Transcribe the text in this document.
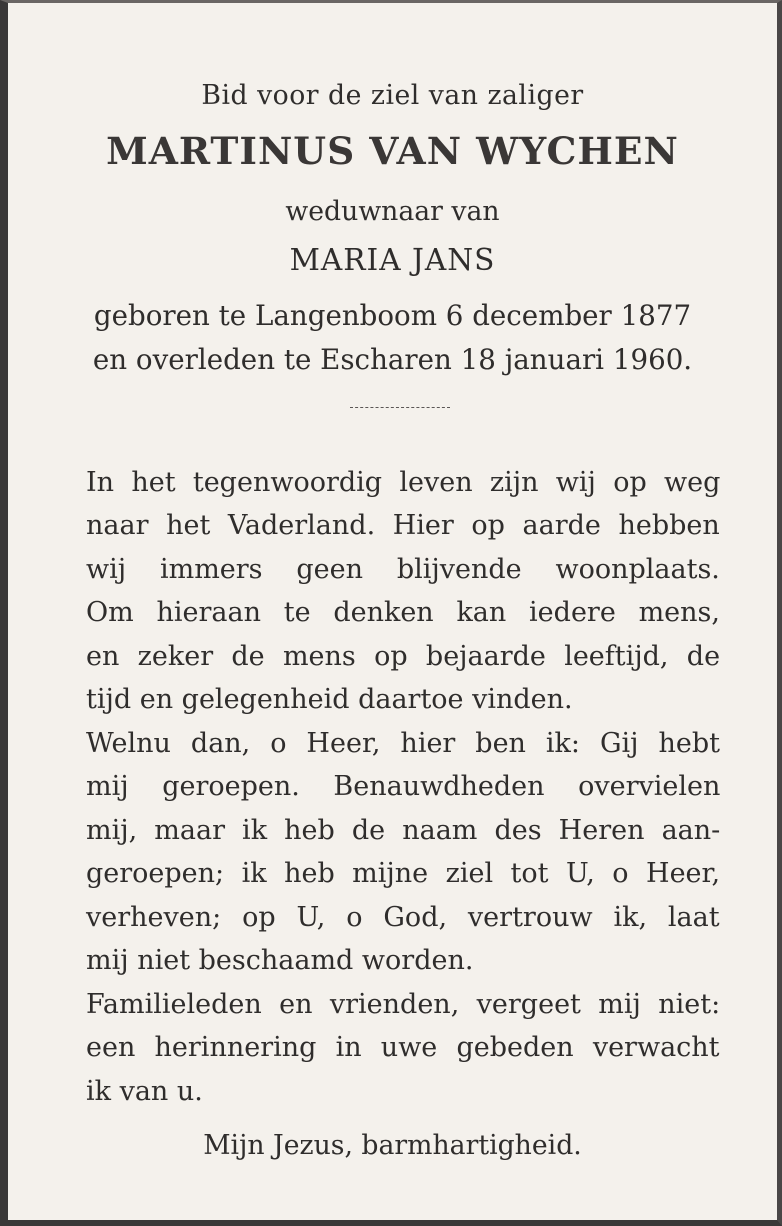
Bid voor de ziel van zaliger
MARTINUS VAN WYCHEN
weduwnaar van
MARIA JANS
geboren te Langenboom 6 december 1877
en overleden te Escharen 18 januari 1960.
In het tegenwoordig leven zijn wij op weg
naar het Vaderland. Hier op aarde hebben
wij immers geen blijvende woonplaats.
Om hieraan te denken kan iedere mens,
en zeker de mens op bejaarde leeftijd, de
tijd en gelegenheid daartoe vinden.
Welnu dan, o Heer, hier ben ik: Gij hebt
mij geroepen. Benauwdheden overvielen
mij, maar ik heb de naam des Heren aan-
geroepen; ik heb mijne ziel tot U, o Heer,
verheven; op U, o God, vertrouw ik, laat
mij niet beschaamd worden.
Familieleden en vrienden, vergeet mij niet:
een herinnering in uwe gebeden verwacht
ik van u.
Mijn Jezus, barmhartigheid.
